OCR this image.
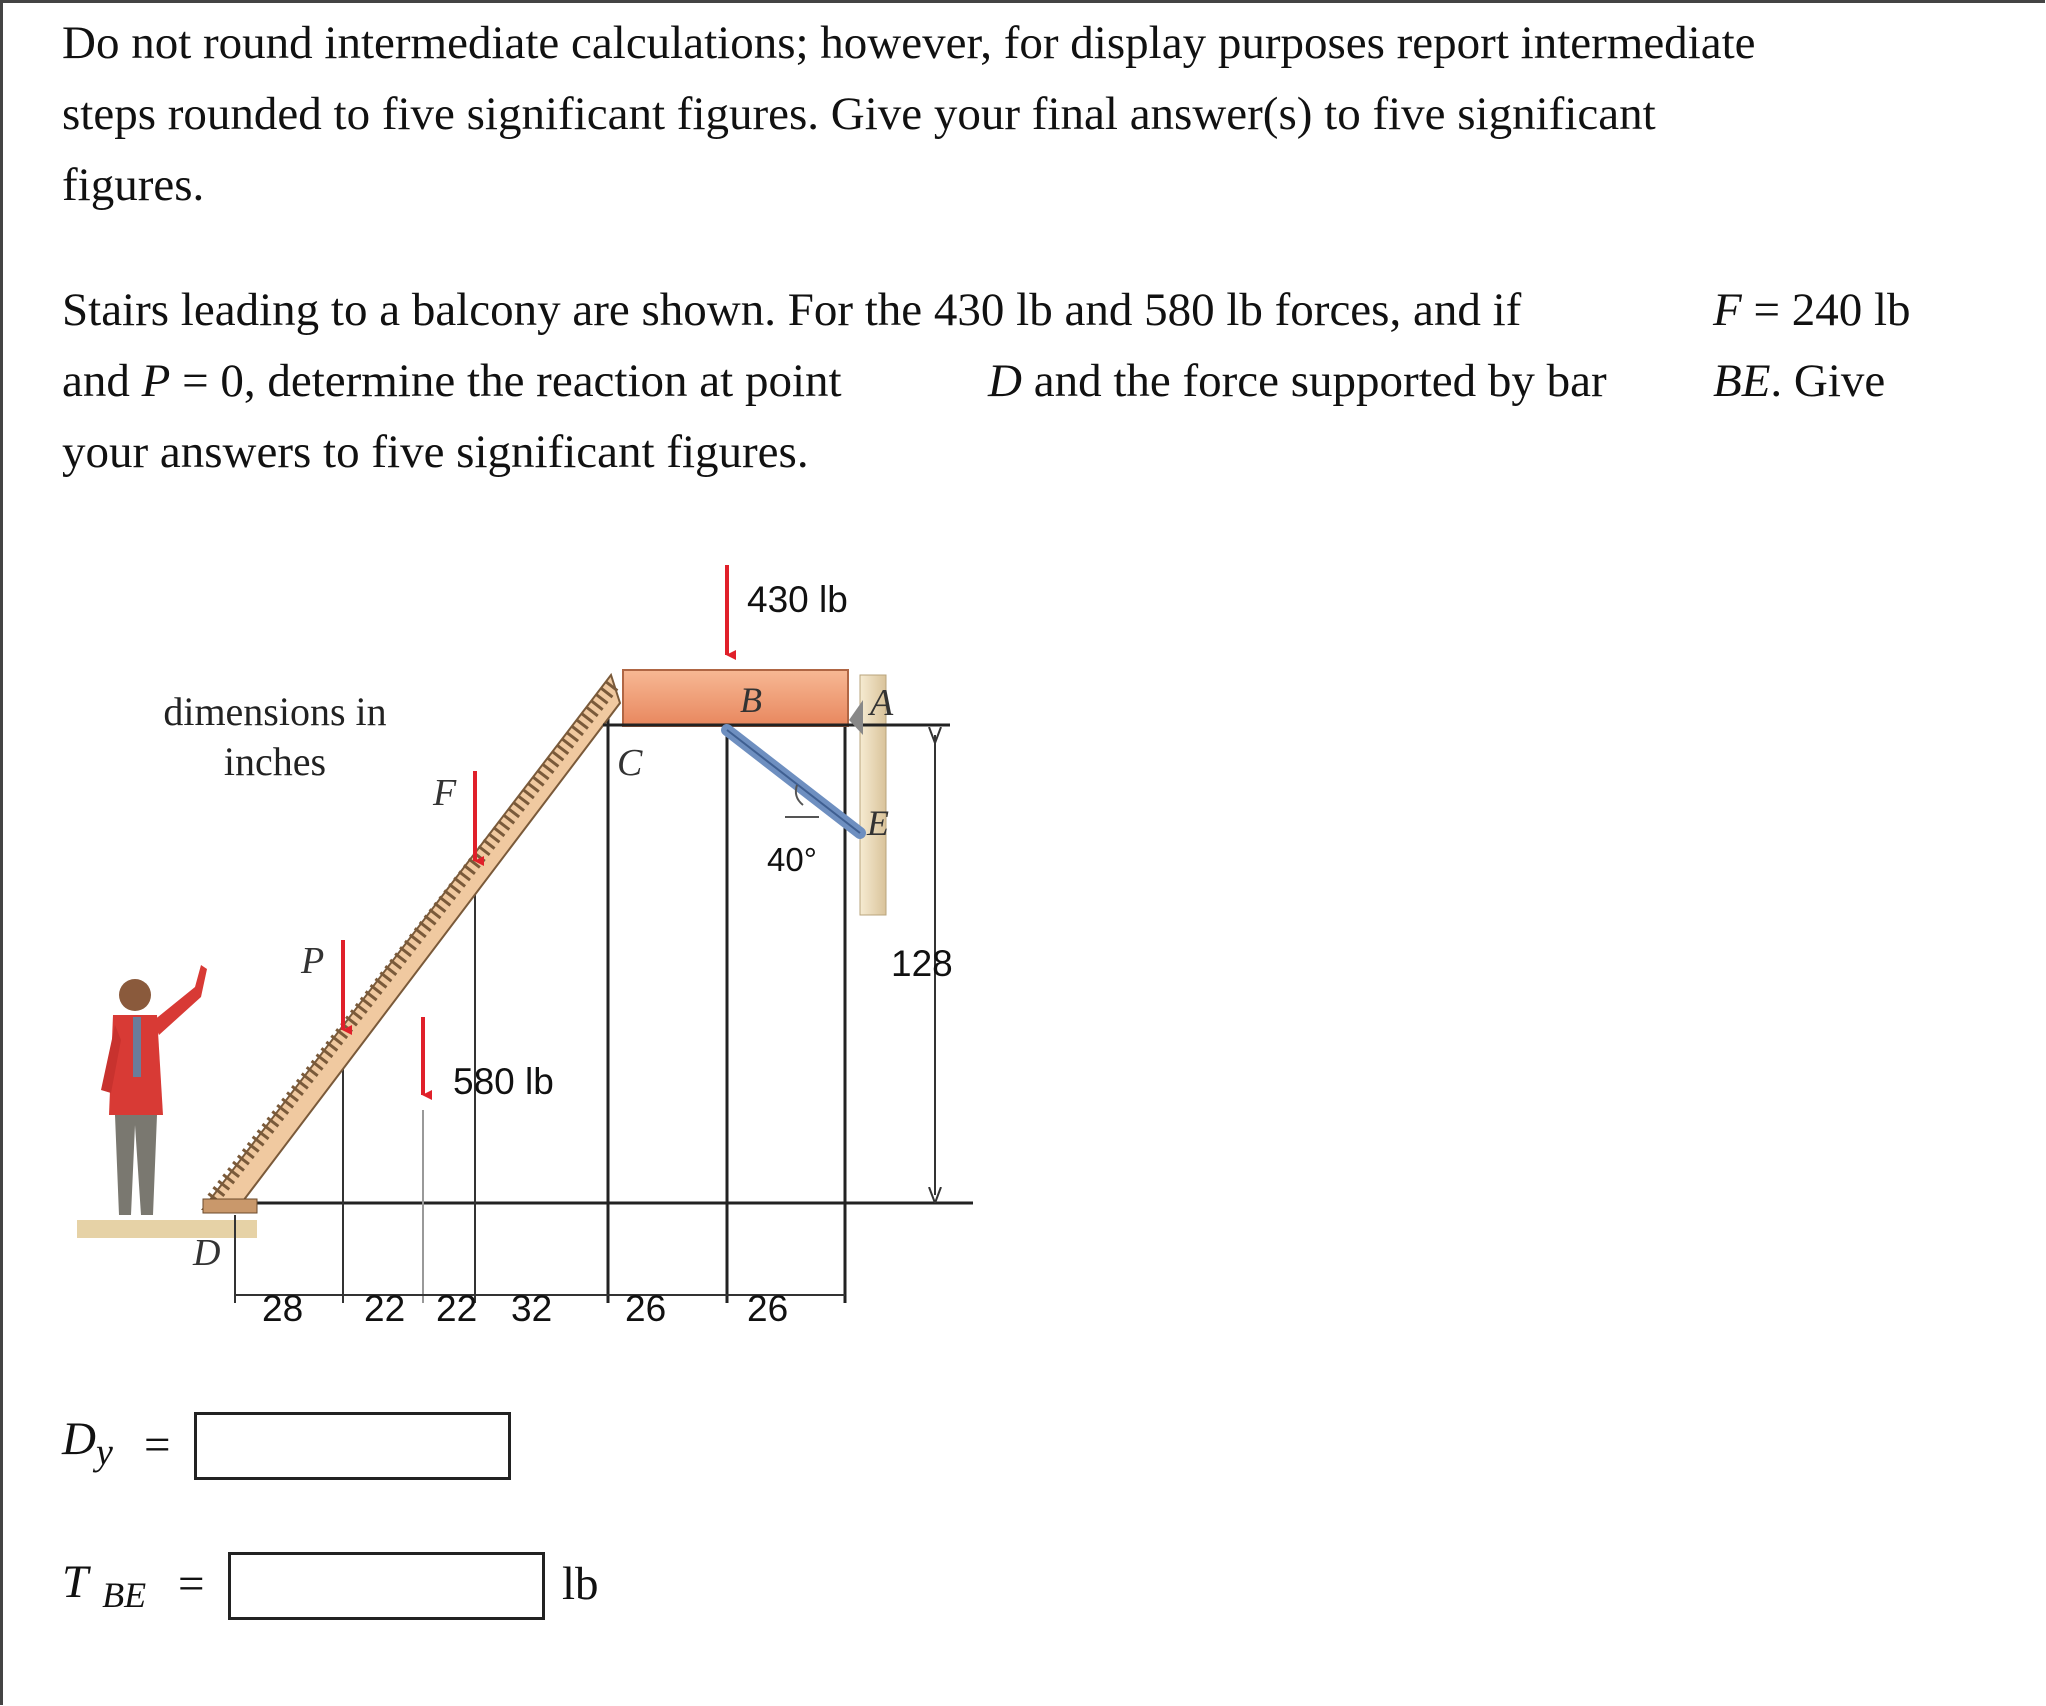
Do not round intermediate calculations; however, for display purposes report intermediate
steps rounded to five significant figures. Give your final answer(s) to five significant
figures.
Stairs leading to a balcony are shown. For the 430 lb and 580 lb forces, and if	F = 240 lb
and P = 0, determine the reaction at point	D and the force supported by bar BE. Give
your answers to five significant figures.
dimensions in
inches
430 lb
580 lb
F
P
A
B
C
D
E
40°
128
28 22 22 32 26 26
$D_y$ =
T $_{BE}$ =	lb
